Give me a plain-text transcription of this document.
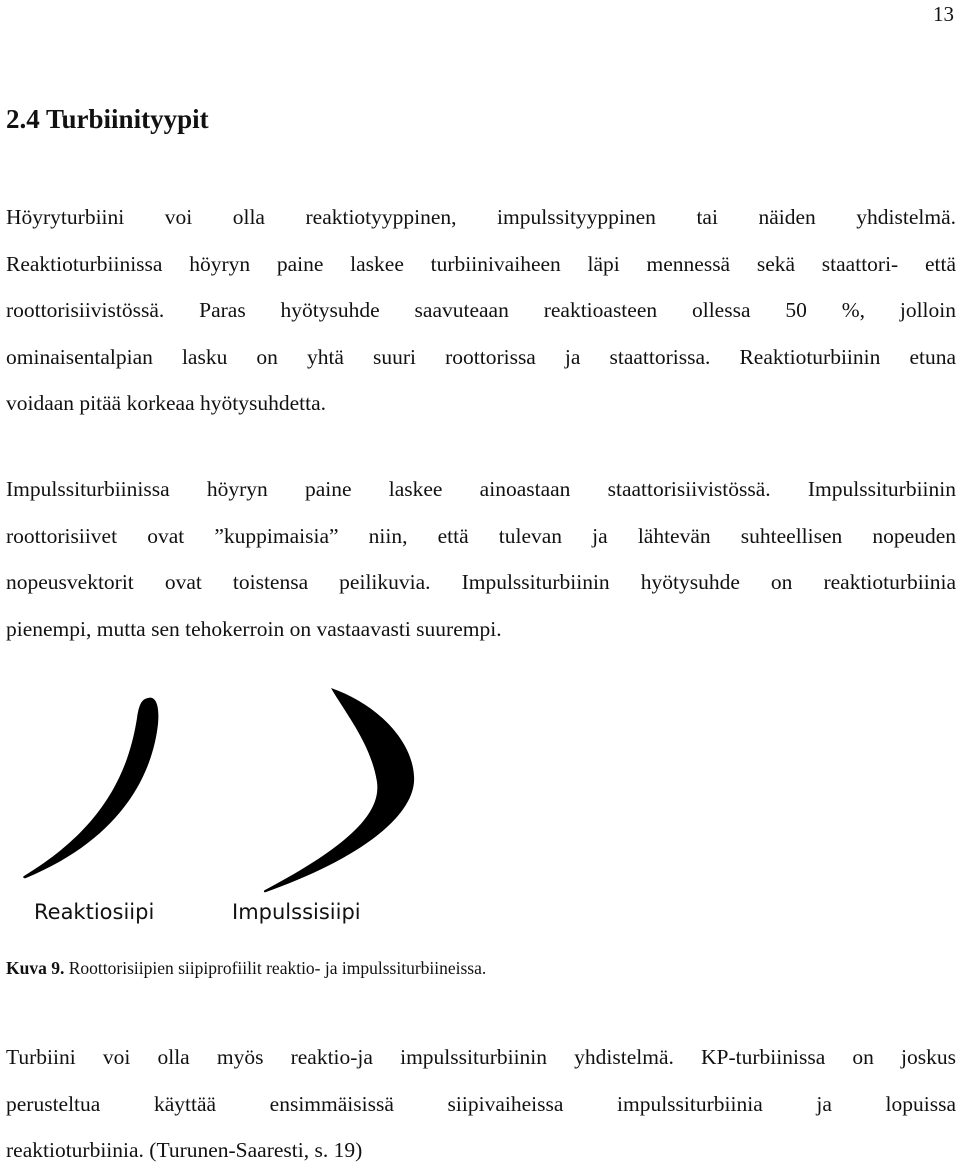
13
2.4 Turbiinityypit

Höyryturbiini voi olla reaktiotyyppinen, impulssityyppinen tai näiden yhdistelmä.
Reaktioturbiinissa höyryn paine laskee turbiinivaiheen läpi mennessä sekä staattori- että
roottorisiivistössä. Paras hyötysuhde saavuteaan reaktioasteen ollessa 50 %, jolloin
ominaisentalpian lasku on yhtä suuri roottorissa ja staattorissa. Reaktioturbiinin etuna
voidaan pitää korkeaa hyötysuhdetta.

Impulssiturbiinissa höyryn paine laskee ainoastaan staattorisiivistössä. Impulssiturbiinin
roottorisiivet ovat ”kuppimaisia” niin, että tulevan ja lähtevän suhteellisen nopeuden
nopeusvektorit ovat toistensa peilikuvia. Impulssiturbiinin hyötysuhde on reaktioturbiinia
pienempi, mutta sen tehokerroin on vastaavasti suurempi.

Reaktiosiipi	Impulssisiipi

Kuva 9. Roottorisiipien siipiprofiilit reaktio- ja impulssiturbiineissa.

Turbiini voi olla myös reaktio-ja impulssiturbiinin yhdistelmä. KP-turbiinissa on joskus
perusteltua käyttää ensimmäisissä siipivaiheissa impulssiturbiinia ja lopuissa
reaktioturbiinia. (Turunen-Saaresti, s. 19)
